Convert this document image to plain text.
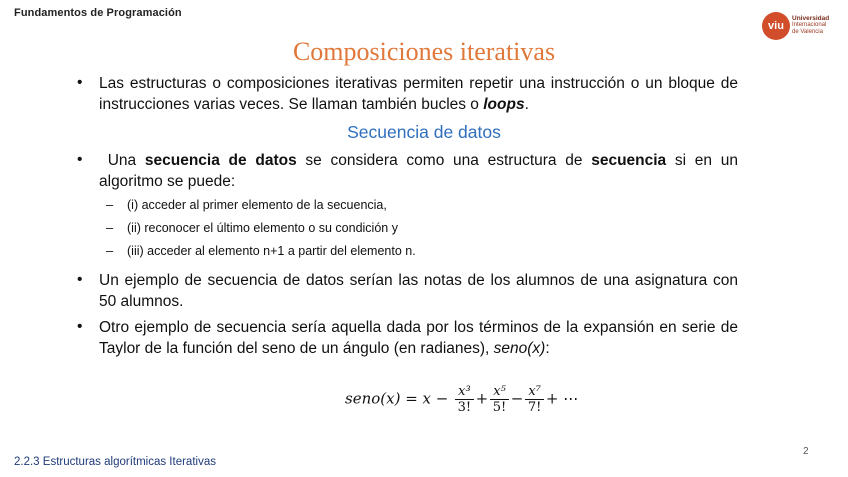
Fundamentos de Programación
viu
Universidad
Internacional
de Valencia
Composiciones iterativas
• Las estructuras o composiciones iterativas permiten repetir una instrucción o un bloque de instrucciones varias veces. Se llaman también bucles o loops.
Secuencia de datos
•	Una secuencia de datos se considera como una estructura de secuencia si en un algoritmo se puede:
– (i) acceder al primer elemento de la secuencia,
– (ii) reconocer el último elemento o su condición y
– (iii) acceder al elemento n+1 a partir del elemento n.
• Un ejemplo de secuencia de datos serían las notas de los alumnos de una asignatura con 50 alumnos.
• Otro ejemplo de secuencia sería aquella dada por los términos de la expansión en serie de Taylor de la función del seno de un ángulo (en radianes), seno(x):
seno(x) = $x - \frac{\text{x³}}{3!} + \frac{\text{x⁵}}{5!} - \frac{\text{x⁷}}{7!}$ + ⋯
2
2.2.3 Estructuras algorítmicas Iterativas
